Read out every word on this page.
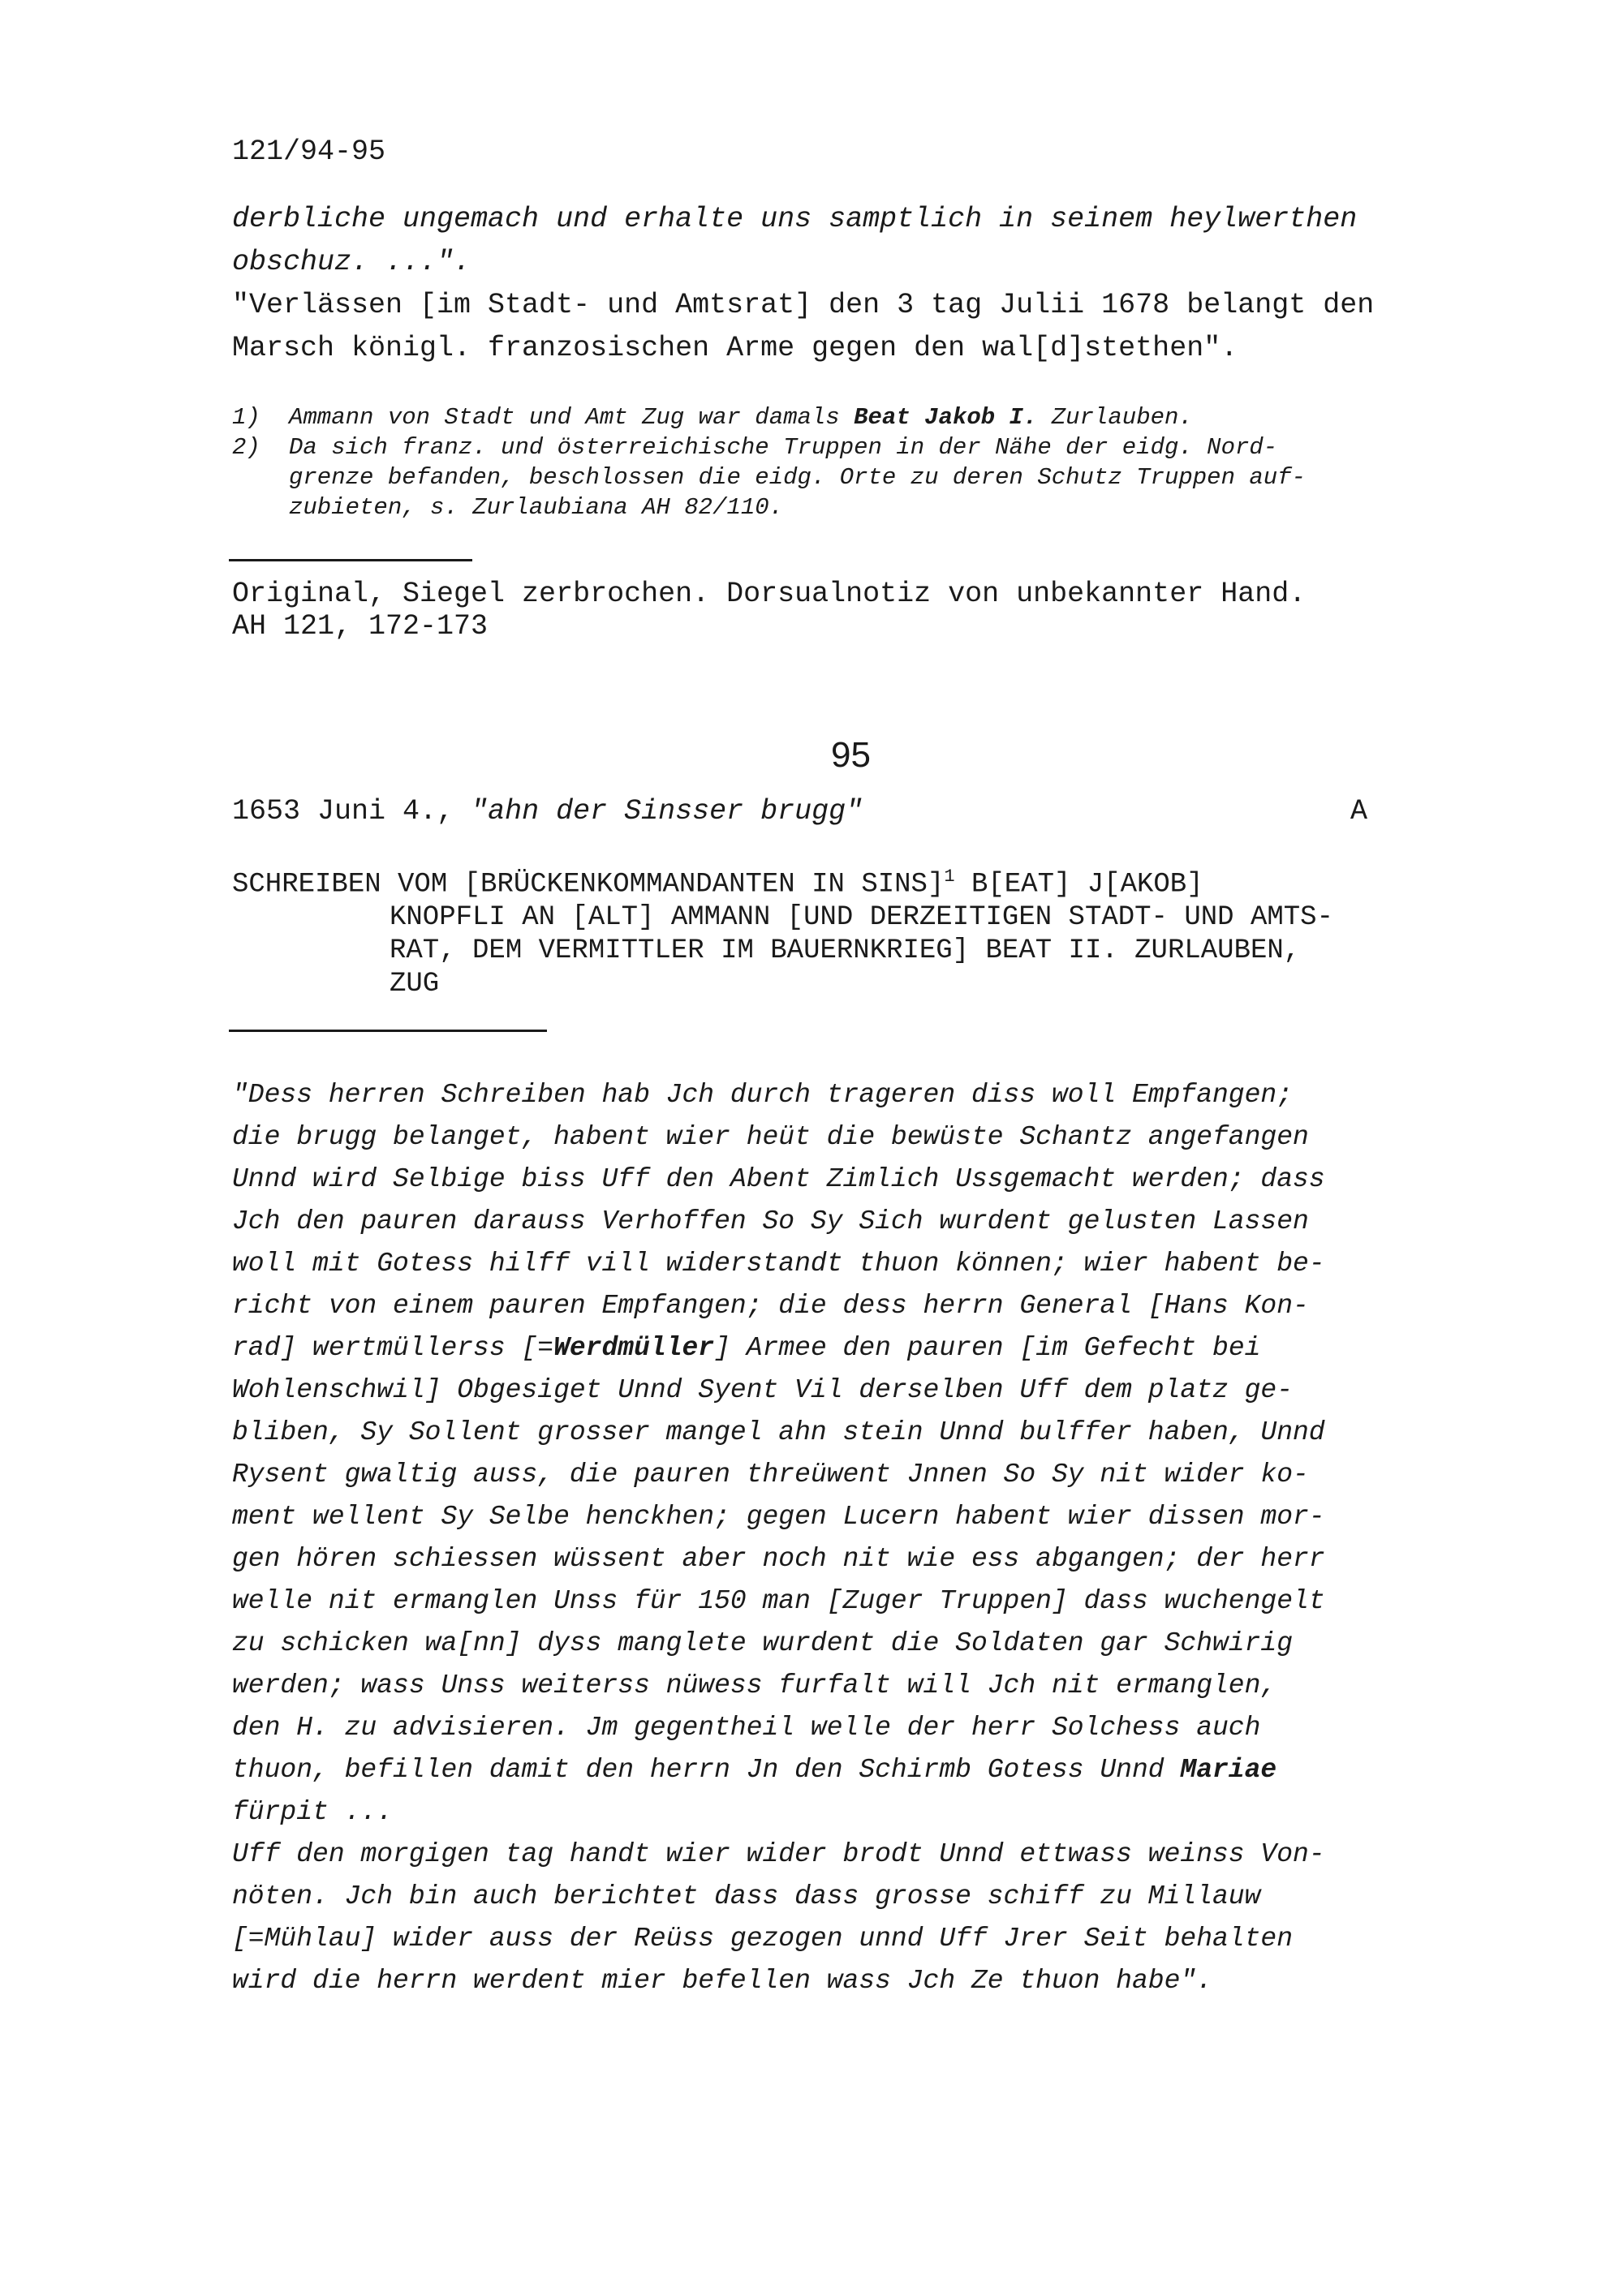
121/94-95
derbliche ungemach und erhalte uns samptlich in seinem heylwerthen
obschuz. ...".
"Verlässen [im Stadt- und Amtsrat] den 3 tag Julii 1678 belangt den
Marsch königl. franzosischen Arme gegen den wal[d]stethen".
1) Ammann von Stadt und Amt Zug war damals Beat Jakob I. Zurlauben.
2) Da sich franz. und österreichische Truppen in der Nähe der eidg. Nord-
grenze befanden, beschlossen die eidg. Orte zu deren Schutz Truppen auf-
zubieten, s. Zurlaubiana AH 82/110.
Original, Siegel zerbrochen. Dorsualnotiz von unbekannter Hand.
AH 121, 172-173
95
1653 Juni 4., "ahn der Sinsser brugg"	A
SCHREIBEN VOM [BRÜCKENKOMMANDANTEN IN SINS]$^1$ B[EAT] J[AKOB]
KNOPFLI AN [ALT] AMMANN [UND DERZEITIGEN STADT- UND AMTS-
RAT, DEM VERMITTLER IM BAUERNKRIEG] BEAT II. ZURLAUBEN,
ZUG
"Dess herren Schreiben hab Jch durch trageren diss woll Empfangen;
die brugg belanget, habent wier heüt die bewüste Schantz angefangen
Unnd wird Selbige biss Uff den Abent Zimlich Ussgemacht werden; dass
Jch den pauren darauss Verhoffen So Sy Sich wurdent gelusten Lassen
woll mit Gotess hilff vill widerstandt thuon können; wier habent be-
richt von einem pauren Empfangen; die dess herrn General [Hans Kon-
rad] wertmüllerss [=Werdmüller] Armee den pauren [im Gefecht bei
Wohlenschwil] Obgesiget Unnd Syent Vil derselben Uff dem platz ge-
bliben, Sy Sollent grosser mangel ahn stein Unnd bulffer haben, Unnd
Rysent gwaltig auss, die pauren threüwent Jnnen So Sy nit wider ko-
ment wellent Sy Selbe henckhen; gegen Lucern habent wier dissen mor-
gen hören schiessen wüssent aber noch nit wie ess abgangen; der herr
welle nit ermanglen Unss für 150 man [Zuger Truppen] dass wuchengelt
zu schicken wa[nn] dyss manglete wurdent die Soldaten gar Schwirig
werden; wass Unss weiterss nüwess furfalt will Jch nit ermanglen,
den H. zu advisieren. Jm gegentheil welle der herr Solchess auch
thuon, befillen damit den herrn Jn den Schirmb Gotess Unnd Mariae
fürpit ...
Uff den morgigen tag handt wier wider brodt Unnd ettwass weinss Von-
nöten. Jch bin auch berichtet dass dass grosse schiff zu Millauw
[=Mühlau] wider auss der Reüss gezogen unnd Uff Jrer Seit behalten
wird die herrn werdent mier befellen wass Jch Ze thuon habe".
